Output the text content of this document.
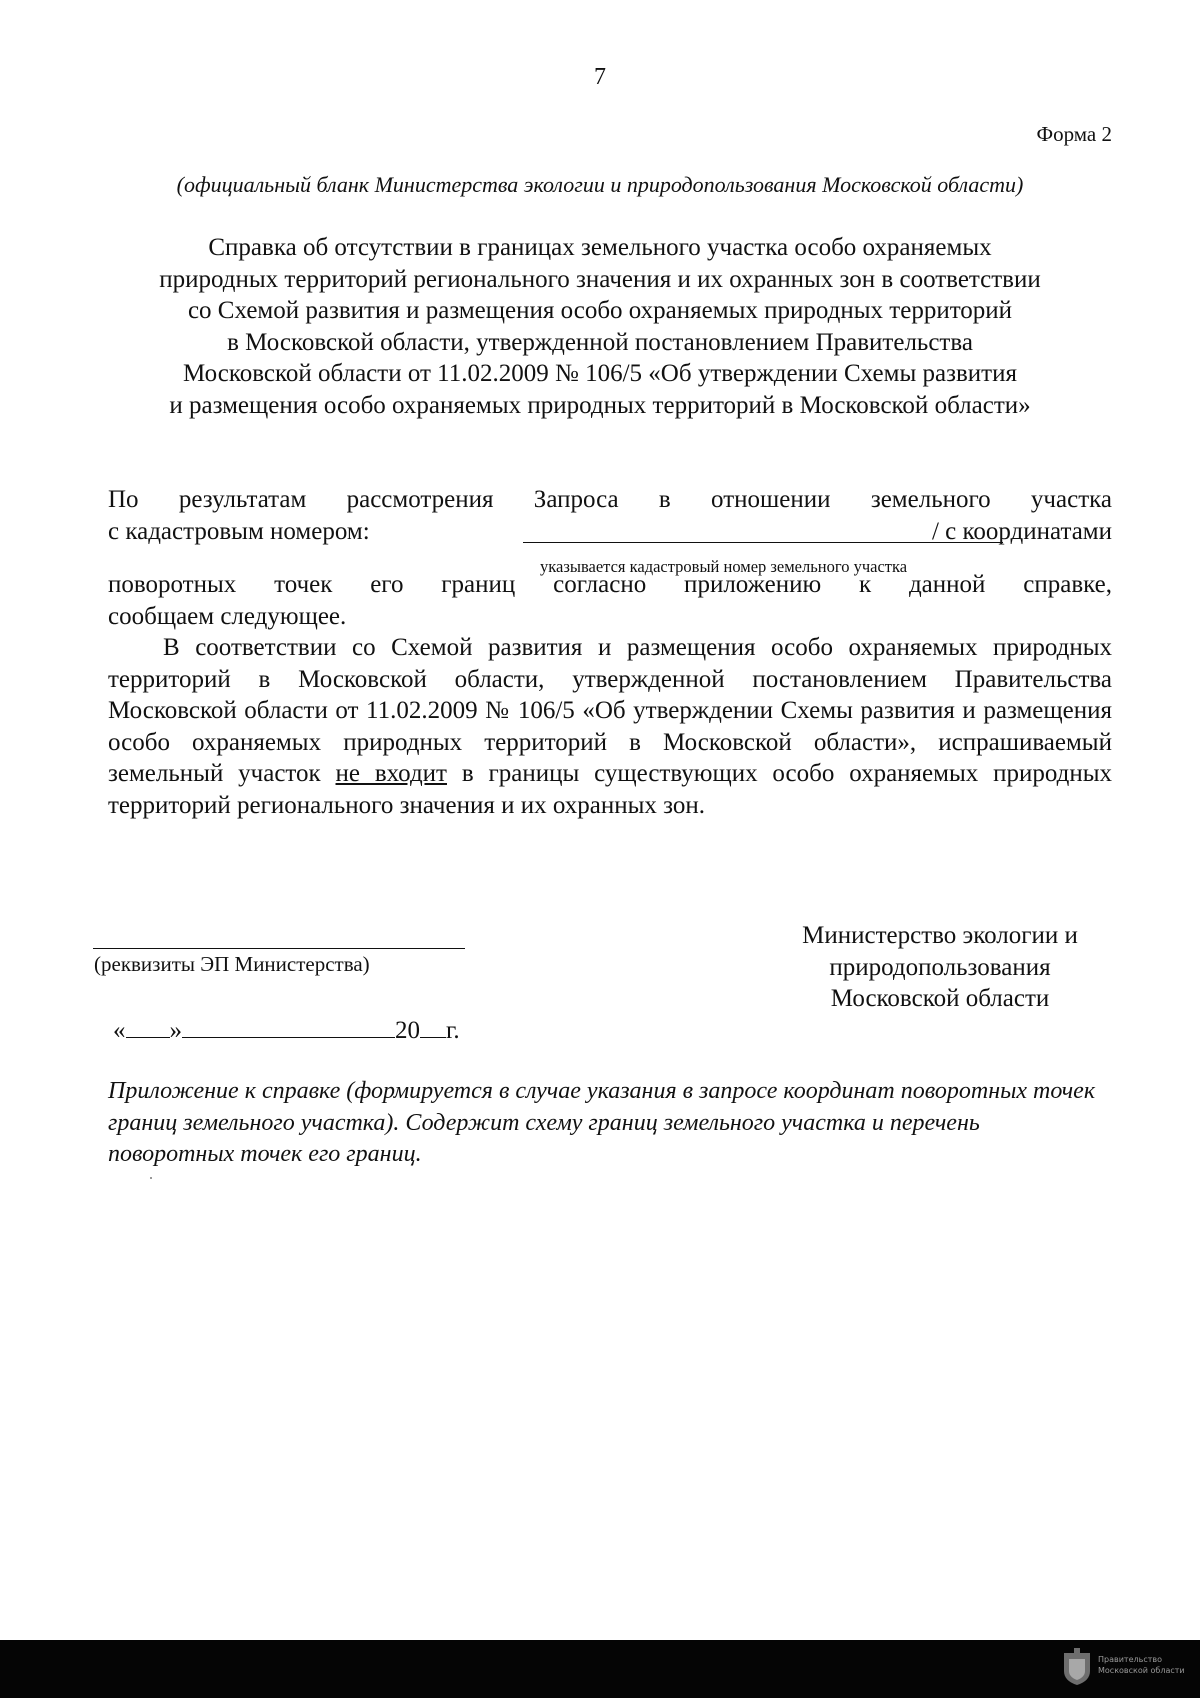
7
Форма 2
(официальный бланк Министерства экологии и природопользования Московской области)
Справка об отсутствии в границах земельного участка особо охраняемых
природных территорий регионального значения и их охранных зон в соответствии
со Схемой развития и размещения особо охраняемых природных территорий
в Московской области, утвержденной постановлением Правительства
Московской области от 11.02.2009 № 106/5 «Об утверждении Схемы развития
и размещения особо охраняемых природных территорий в Московской области»
По результатам рассмотрения Запроса в отношении земельного участка
с кадастровым номером:	/ с координатами
указывается кадастровый номер земельного участка
поворотных точек его границ согласно приложению к данной справке,
сообщаем следующее.
В соответствии со Схемой развития и размещения особо охраняемых природных территорий в Московской области, утвержденной постановлением Правительства Московской области от 11.02.2009 № 106/5 «Об утверждении Схемы развития и размещения особо охраняемых природных территорий в Московской области», испрашиваемый земельный участок не входит в границы существующих особо охраняемых природных территорий регионального значения и их охранных зон.
(реквизиты ЭП Министерства)
Министерство экологии и
природопользования
Московской области
« »	20 г.
Приложение к справке (формируется в случае указания в запросе координат поворотных точек границ земельного участка). Содержит схему границ земельного участка и перечень поворотных точек его границ.
Правительство
Московской области
